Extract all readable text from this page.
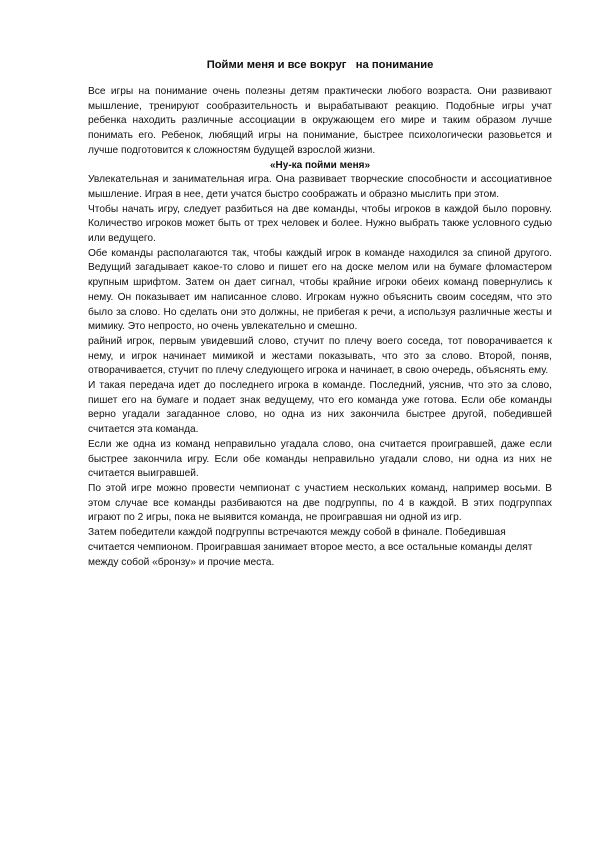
Пойми меня и все вокруг   на понимание

Все игры на понимание очень полезны детям практически любого возраста. Они развивают мышление, тренируют сообразительность и вырабатывают реакцию. Подобные игры учат ребенка находить различные ассоциации в окружающем его мире и таким образом лучше понимать его. Ребенок, любящий игры на понимание, быстрее психологически разовьется и лучше подготовится к сложностям будущей взрослой жизни.

«Ну-ка пойми меня»

Увлекательная и занимательная игра. Она развивает творческие способности и ассоциативное мышление. Играя в нее, дети учатся быстро соображать и образно мыслить при этом.

Чтобы начать игру, следует разбиться на две команды, чтобы игроков в каждой было поровну. Количество игроков может быть от трех человек и более. Нужно выбрать также условного судью или ведущего.

Обе команды располагаются так, чтобы каждый игрок в команде находился за спиной другого. Ведущий загадывает какое-то слово и пишет его на доске мелом или на бумаге фломастером крупным шрифтом. Затем он дает сигнал, чтобы крайние игроки обеих команд повернулись к нему. Он показывает им написанное слово. Игрокам нужно объяснить своим соседям, что это было за слово. Но сделать они это должны, не прибегая к речи, а используя различные жесты и мимику. Это непросто, но очень увлекательно и смешно.

райний игрок, первым увидевший слово, стучит по плечу воего соседа, тот поворачивается к нему, и игрок начинает мимикой и жестами показывать, что это за слово. Второй, поняв, отворачивается, стучит по плечу следующего игрока и начинает, в свою очередь, объяснять ему.

И такая передача идет до последнего игрока в команде. Последний, уяснив, что это за слово, пишет его на бумаге и подает знак ведущему, что его команда уже готова. Если обе команды верно угадали загаданное слово, но одна из них закончила быстрее другой, победившей считается эта команда.

Если же одна из команд неправильно угадала слово, она считается проигравшей, даже если быстрее закончила игру. Если обе команды неправильно угадали слово, ни одна из них не считается выигравшей.

По этой игре можно провести чемпионат с участием нескольких команд, например восьми. В этом случае все команды разбиваются на две подгруппы, по 4 в каждой. В этих подгруппах играют по 2 игры, пока не выявится команда, не проигравшая ни одной из игр.

Затем победители каждой подгруппы встречаются между собой в финале. Победившая считается чемпионом. Проигравшая занимает второе место, а все остальные команды делят между собой «бронзу» и прочие места.
